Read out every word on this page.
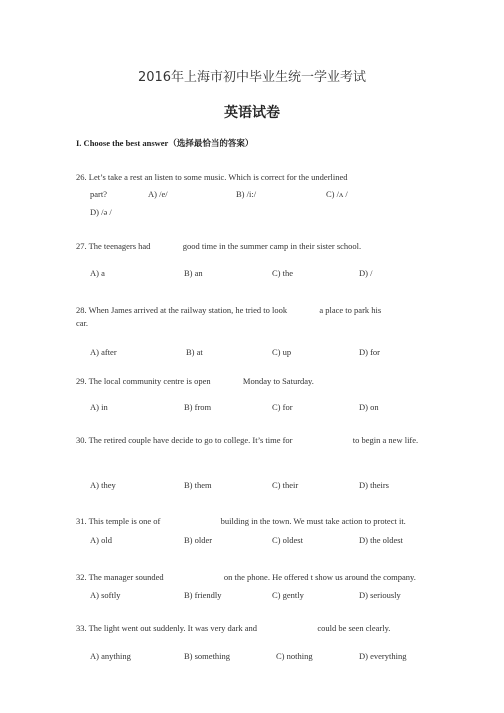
2016年上海市初中毕业生统一学业考试
英语试卷
I. Choose the best answer（选择最恰当的答案）
26. Let’s take a rest an listen to some music. Which is correct for the underlined
part?	A) /e/	B) /i:/	C) /ʌ /
D) /ə /
27. The teenagers had	good time in the summer camp in their sister school.
A) a	B) an	C) the	D) /
28. When James arrived at the railway station, he tried to look	a place to park his
car.
A) after	B) at	C) up	D) for
29. The local community centre is open	Monday to Saturday.
A) in	B) from	C) for	D) on
30. The retired couple have decide to go to college. It’s time for	to begin a new life.
A) they	B) them	C) their	D) theirs
31. This temple is one of	building in the town. We must take action to protect it.
A) old	B) older	C) oldest	D) the oldest
32. The manager sounded	on the phone. He offered t show us around the company.
A) softly	B) friendly	C) gently	D) seriously
33. The light went out suddenly. It was very dark and	could be seen clearly.
A) anything	B) something	C) nothing	D) everything
